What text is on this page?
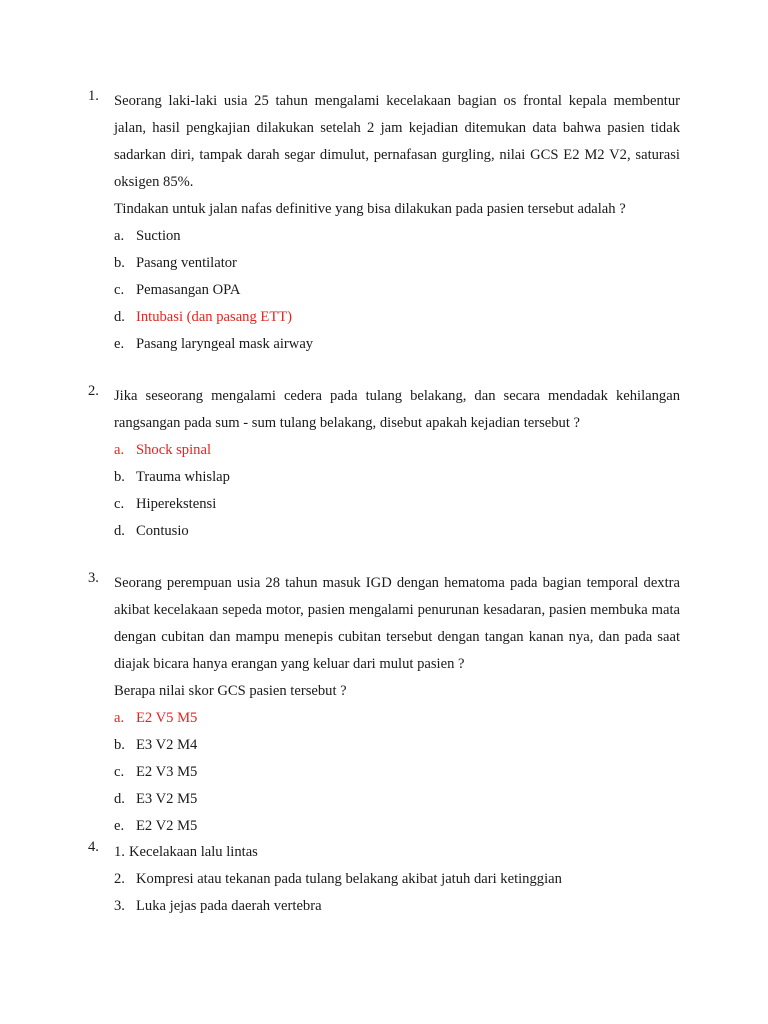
1.	Seorang laki-laki usia 25 tahun mengalami kecelakaan bagian os frontal kepala membentur jalan, hasil pengkajian dilakukan setelah 2 jam kejadian ditemukan data bahwa pasien tidak sadarkan diri, tampak darah segar dimulut, pernafasan gurgling, nilai GCS E2 M2 V2, saturasi oksigen 85%.

Tindakan untuk jalan nafas definitive yang bisa dilakukan pada pasien tersebut adalah ?

a. Suction
b. Pasang ventilator
c. Pemasangan OPA
d. Intubasi (dan pasang ETT)
e. Pasang laryngeal mask airway
2.	Jika seseorang mengalami cedera pada tulang belakang, dan secara mendadak kehilangan rangsangan pada sum - sum tulang belakang, disebut apakah kejadian tersebut ?

a. Shock spinal
b. Trauma whislap
c. Hiperekstensi
d. Contusio
3.	Seorang perempuan usia 28 tahun masuk IGD dengan hematoma pada bagian temporal dextra akibat kecelakaan sepeda motor, pasien mengalami penurunan kesadaran, pasien membuka mata dengan cubitan dan mampu menepis cubitan tersebut dengan tangan kanan nya, dan pada saat diajak bicara hanya erangan yang keluar dari mulut pasien ?

Berapa nilai skor GCS pasien tersebut ?

a. E2 V5 M5
b. E3 V2 M4
c. E2 V3 M5
d. E3 V2 M5
e. E2 V2 M5
4.	1. Kecelakaan lalu lintas
2. Kompresi atau tekanan pada tulang belakang akibat jatuh dari ketinggian
3. Luka jejas pada daerah vertebra
